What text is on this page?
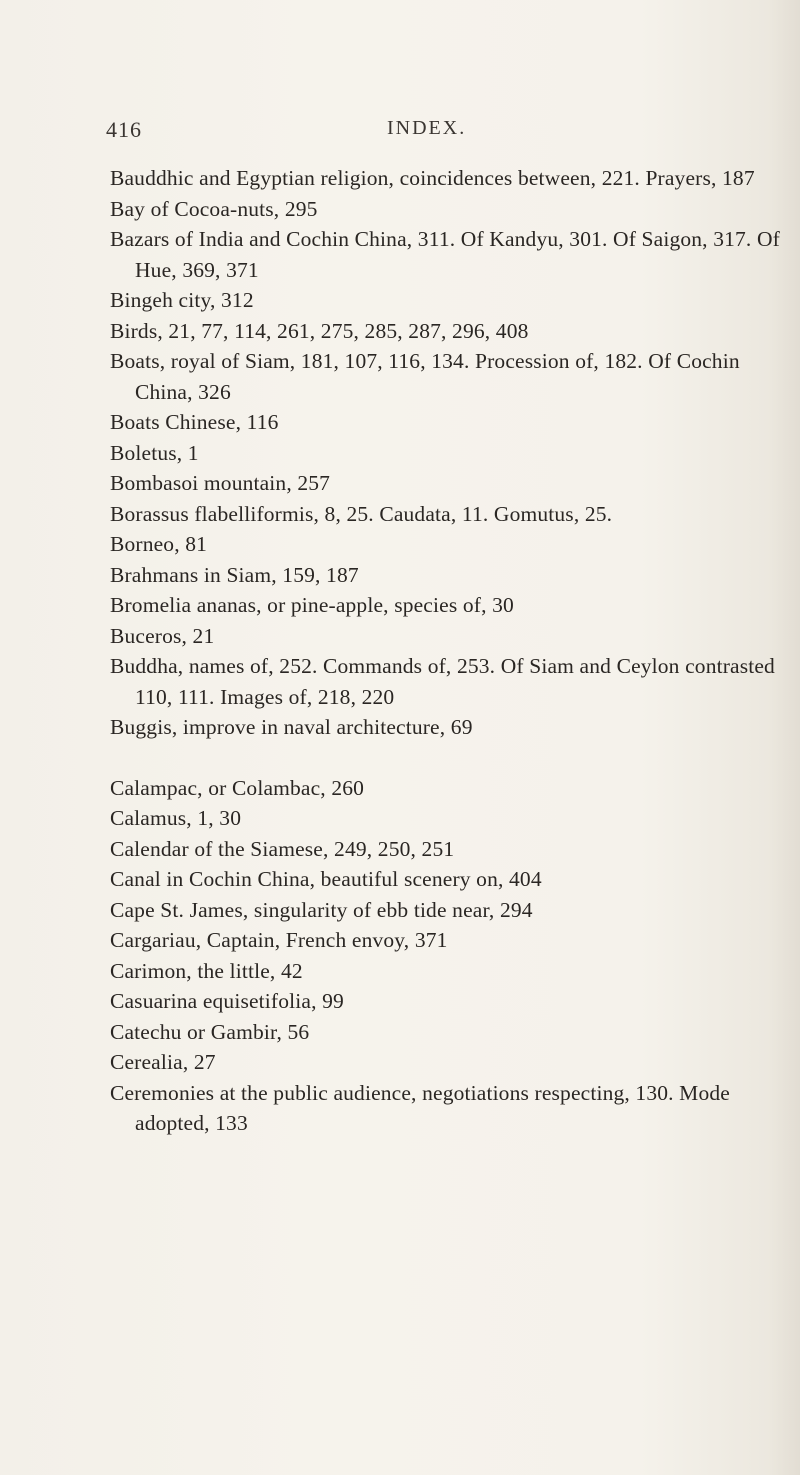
416	INDEX.
Bauddhic and Egyptian religion, coincidences between, 221. Prayers, 187
Bay of Cocoa-nuts, 295
Bazars of India and Cochin China, 311. Of Kandyu, 301. Of Saigon, 317. Of Hue, 369, 371
Bingeh city, 312
Birds, 21, 77, 114, 261, 275, 285, 287, 296, 408
Boats, royal of Siam, 181, 107, 116, 134. Procession of, 182. Of Cochin China, 326
Boats Chinese, 116
Boletus, 1
Bombasoi mountain, 257
Borassus flabelliformis, 8, 25. Caudata, 11. Gomutus, 25.
Borneo, 81
Brahmans in Siam, 159, 187
Bromelia ananas, or pine-apple, species of, 30
Buceros, 21
Buddha, names of, 252. Commands of, 253. Of Siam and Ceylon contrasted 110, 111. Images of, 218, 220
Buggis, improve in naval architecture, 69
Calampac, or Colambac, 260
Calamus, 1, 30
Calendar of the Siamese, 249, 250, 251
Canal in Cochin China, beautiful scenery on, 404
Cape St. James, singularity of ebb tide near, 294
Cargariau, Captain, French envoy, 371
Carimon, the little, 42
Casuarina equisetifolia, 99
Catechu or Gambir, 56
Cerealia, 27
Ceremonies at the public audience, negotiations respecting, 130. Mode adopted, 133
